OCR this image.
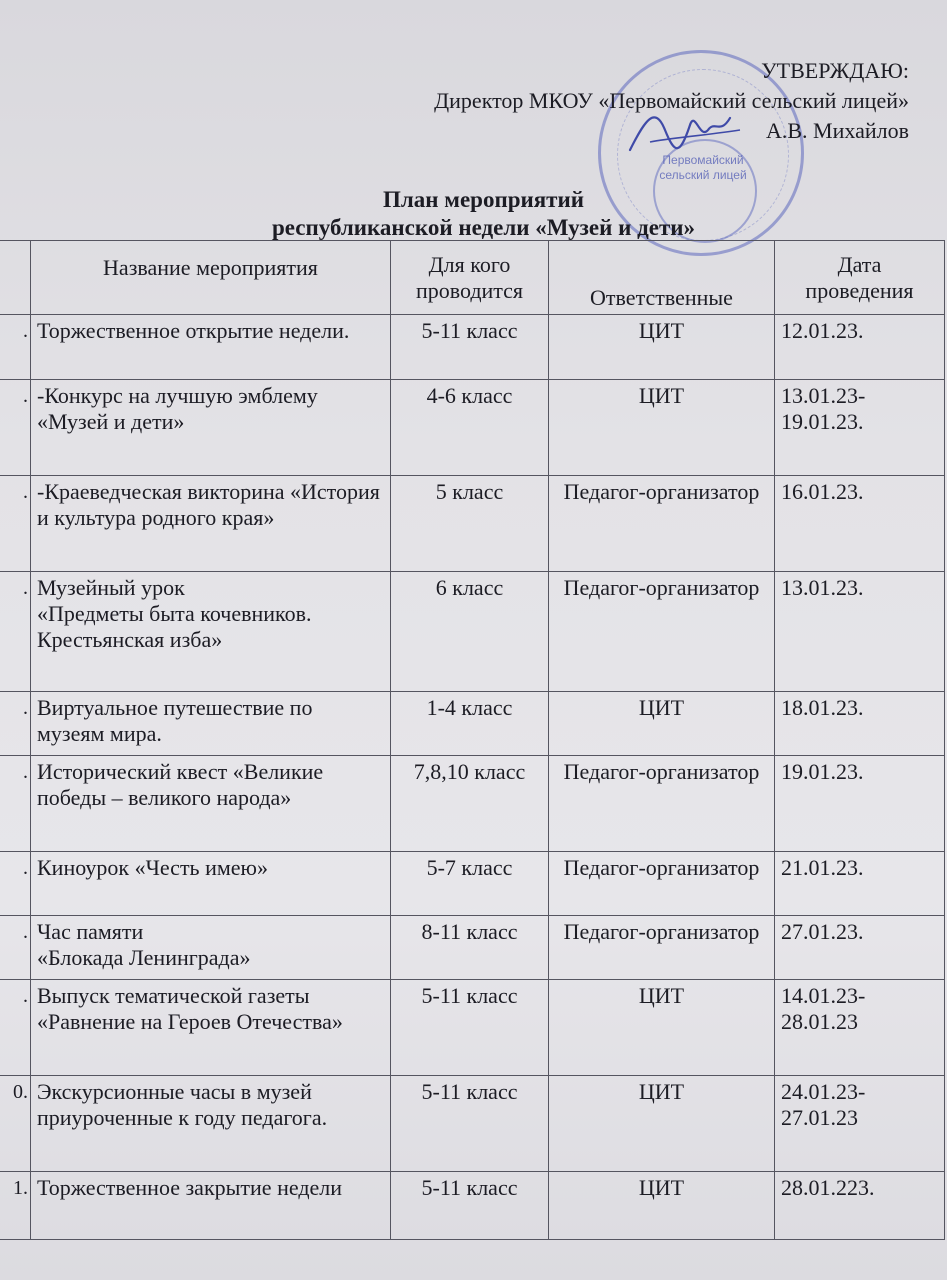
Первомайский сельский лицей
УТВЕРЖДАЮ:
Директор МКОУ «Первомайский сельский лицей»
А.В. Михайлов
План мероприятий
республиканской недели «Музей и дети»
	Название мероприятия	Для кого проводится	Ответственные	Дата проведения
.	Торжественное открытие недели.	5-11 класс	ЦИТ	12.01.23.
.	-Конкурс на лучшую эмблему
«Музей и дети»	4-6 класс	ЦИТ	13.01.23-
19.01.23.
.	-Краеведческая викторина «История и культура родного края»	5 класс	Педагог-организатор	16.01.23.
.	Музейный урок
«Предметы быта кочевников.
Крестьянская изба»	6 класс	Педагог-организатор	13.01.23.
.	Виртуальное путешествие по музеям мира.	1-4 класс	ЦИТ	18.01.23.
.	Исторический квест «Великие победы – великого народа»	7,8,10 класс	Педагог-организатор	19.01.23.
.	Киноурок «Честь имею»	5-7 класс	Педагог-организатор	21.01.23.
.	Час памяти
«Блокада Ленинграда»	8-11 класс	Педагог-организатор	27.01.23.
.	Выпуск тематической газеты «Равнение на Героев Отечества»	5-11 класс	ЦИТ	14.01.23-
28.01.23
0.	Экскурсионные часы в музей приуроченные к году педагога.	5-11 класс	ЦИТ	24.01.23-
27.01.23
1.	Торжественное закрытие недели	5-11 класс	ЦИТ	28.01.223.
